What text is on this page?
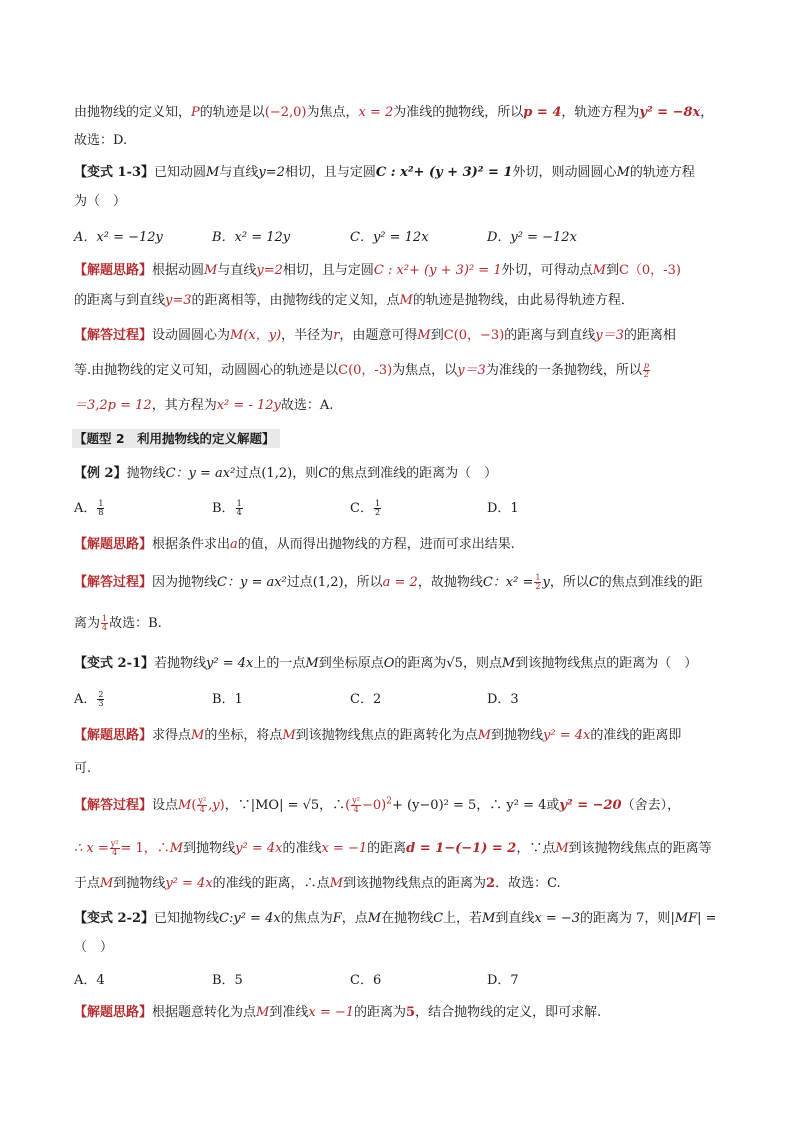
由抛物线的定义知，P的轨迹是以(−2,0)为焦点，x = 2为准线的抛物线，所以p = 4，轨迹方程为y² = −8x，
故选：D.
【变式 1-3】已知动圆M与直线y=2相切，且与定圆C : x²+ (y + 3)² = 1外切，则动圆圆心M的轨迹方程
为（　）
A．x² = −12y	B．x² = 12y	C．y² = 12x	D．y² = −12x
【解题思路】根据动圆M与直线y=2相切，且与定圆C : x²+ (y + 3)² = 1外切，可得动点M到C（0，-3)
的距离与到直线y=3的距离相等，由抛物线的定义知，点M的轨迹是抛物线，由此易得轨迹方程．
【解答过程】设动圆圆心为M(x，y)，半径为r，由题意可得M到C(0，−3)的距离与到直线y＝3的距离相
等.由抛物线的定义可知，动圆圆心的轨迹是以C(0，-3)为焦点，以y＝3为准线的一条抛物线，所以 $\frac{p}{2}$
＝3,2p = 12，其方程为x² = - 12y故选：A.
【题型 2　利用抛物线的定义解题】
【例 2】抛物线C：y = ax²过点(1,2)，则C的焦点到准线的距离为（　）
A． $\frac{1}{8}$	B． $\frac{1}{4}$	C． $\frac{1}{2}$	D．1
【解题思路】根据条件求出a的值，从而得出抛物线的方程，进而可求出结果.
【解答过程】因为抛物线C：y = ax²过点(1,2)，所以a = 2，故抛物线C：$x^2 = \frac{1}{2}$ y，所以C的焦点到准线的距
离为 $\frac{1}{4}$ 故选：B.
【变式 2-1】若抛物线y² = 4x上的一点M到坐标原点O的距离为√5，则点M到该抛物线焦点的距离为（　）
A． $\frac{2}{3}$	B．1	C．2	D．3
【解题思路】求得点M的坐标，将点M到该抛物线焦点的距离转化为点M到抛物线y² = 4x的准线的距离即
可.
【解答过程】设点$M( \frac{\text{y²}}{4} ,y)$，∵|MO| = √5，∴( $\frac{\text{y²}}{4} -0)^2+ (y-0)^2 = 5$，∴ y² = 4或y² = −20（舍去），
∴ $x = \frac{\text{y²}}{4} = 1$，∴M到抛物线y² = 4x的准线x = −1的距离d = 1−(−1) = 2，∵点M到该抛物线焦点的距离等
于点M到抛物线y² = 4x的准线的距离，∴点M到该抛物线焦点的距离为2．故选：C.
【变式 2-2】已知抛物线C:y² = 4x的焦点为F，点M在抛物线C上，若M到直线x = −3的距离为 7，则|MF| =
（　）
A．4	B．5	C．6	D．7
【解题思路】根据题意转化为点M到准线x = −1的距离为5，结合抛物线的定义，即可求解.
